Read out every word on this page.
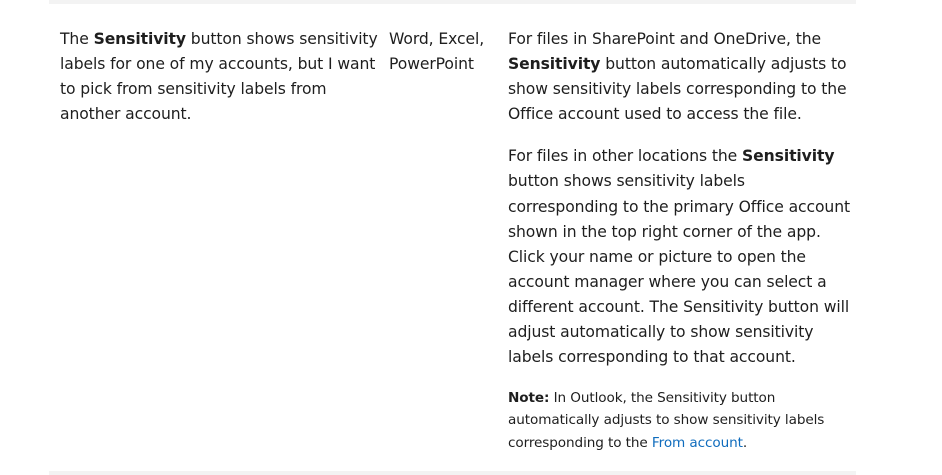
The Sensitivity button shows sensitivity labels for one of my accounts, but I want to pick from sensitivity labels from another account.
Word, Excel,
PowerPoint

For files in SharePoint and OneDrive, the Sensitivity button automatically adjusts to show sensitivity labels corresponding to the Office account used to access the file.

For files in other locations the Sensitivity button shows sensitivity labels corresponding to the primary Office account shown in the top right corner of the app. Click your name or picture to open the account manager where you can select a different account. The Sensitivity button will adjust automatically to show sensitivity labels corresponding to that account.

Note: In Outlook, the Sensitivity button automatically adjusts to show sensitivity labels corresponding to the From account.
